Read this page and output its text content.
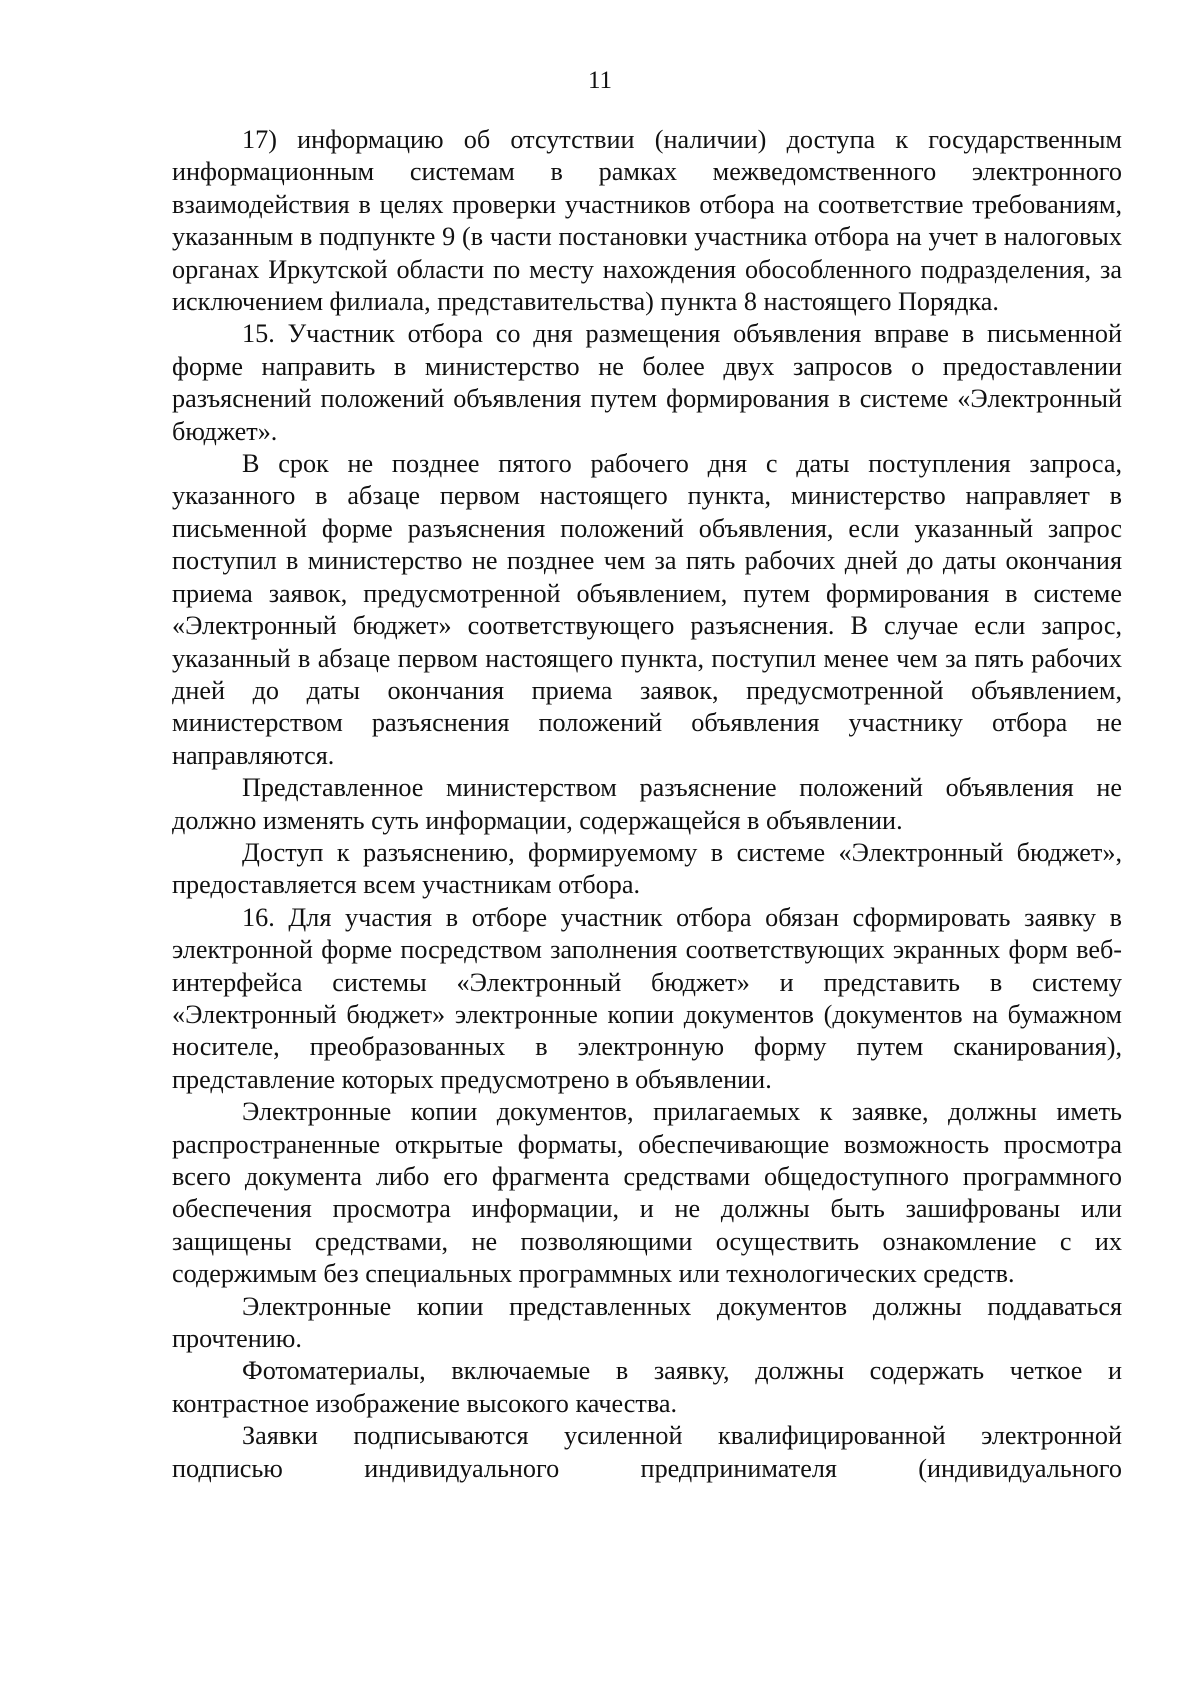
11

17) информацию об отсутствии (наличии) доступа к государственным информационным системам в рамках межведомственного электронного взаимодействия в целях проверки участников отбора на соответствие требованиям, указанным в подпункте 9 (в части постановки участника отбора на учет в налоговых органах Иркутской области по месту нахождения обособленного подразделения, за исключением филиала, представительства) пункта 8 настоящего Порядка.

15. Участник отбора со дня размещения объявления вправе в письменной форме направить в министерство не более двух запросов о предоставлении разъяснений положений объявления путем формирования в системе «Электронный бюджет».

В срок не позднее пятого рабочего дня с даты поступления запроса, указанного в абзаце первом настоящего пункта, министерство направляет в письменной форме разъяснения положений объявления, если указанный запрос поступил в министерство не позднее чем за пять рабочих дней до даты окончания приема заявок, предусмотренной объявлением, путем формирования в системе «Электронный бюджет» соответствующего разъяснения. В случае если запрос, указанный в абзаце первом настоящего пункта, поступил менее чем за пять рабочих дней до даты окончания приема заявок, предусмотренной объявлением, министерством разъяснения положений объявления участнику отбора не направляются.

Представленное министерством разъяснение положений объявления не должно изменять суть информации, содержащейся в объявлении.

Доступ к разъяснению, формируемому в системе «Электронный бюджет», предоставляется всем участникам отбора.

16. Для участия в отборе участник отбора обязан сформировать заявку в электронной форме посредством заполнения соответствующих экранных форм веб-интерфейса системы «Электронный бюджет» и представить в систему «Электронный бюджет» электронные копии документов (документов на бумажном носителе, преобразованных в электронную форму путем сканирования), представление которых предусмотрено в объявлении.

Электронные копии документов, прилагаемых к заявке, должны иметь распространенные открытые форматы, обеспечивающие возможность просмотра всего документа либо его фрагмента средствами общедоступного программного обеспечения просмотра информации, и не должны быть зашифрованы или защищены средствами, не позволяющими осуществить ознакомление с их содержимым без специальных программных или технологических средств.

Электронные копии представленных документов должны поддаваться прочтению.

Фотоматериалы, включаемые в заявку, должны содержать четкое и контрастное изображение высокого качества.

Заявки подписываются усиленной квалифицированной электронной подписью индивидуального предпринимателя (индивидуального
